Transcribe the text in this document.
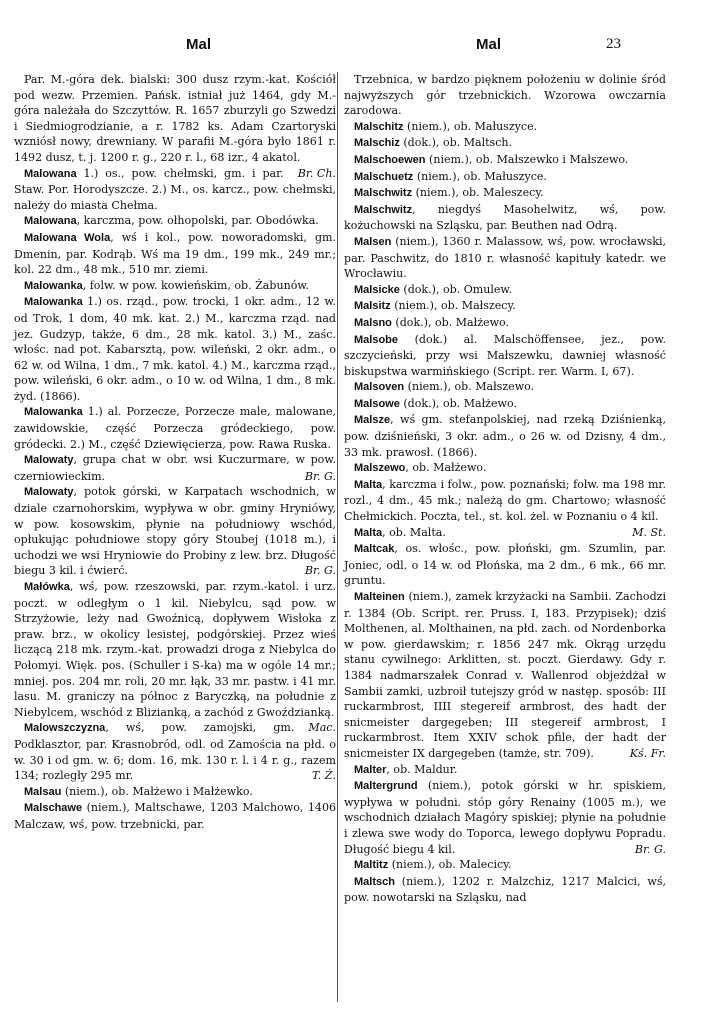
Mal	Mal	23

Par. M.-góra dek. bialski: 300 dusz rzym.-kat. Kościół pod wezw. Przemien. Pańsk. istniał już 1464, gdy M.-góra należała do Szczyttów. R. 1657 zburzyli go Szwedzi i Siedmiogrodzianie, a r. 1782 ks. Adam Czartoryski wzniósł nowy, drewniany. W parafii M.-góra było 1861 r. 1492 dusz, t. j. 1200 r. g., 220 r. l., 68 izr., 4 akatol.
Br. Ch.

Malowana 1.) os., pow. chełmski, gm. i par. Staw. Por. Horodyszcze. 2.) M., os. karcz., pow. chełmski, należy do miasta Chełma.

Malowana, karczma, pow. ołhopolski, par. Obodówka.

Malowana Wola, wś i kol., pow. noworadomski, gm. Dmenin, par. Kodrąb. Wś ma 19 dm., 199 mk., 249 mr.; kol. 22 dm., 48 mk., 510 mr. ziemi.

Malowanka, folw. w pow. kowieńskim, ob. Żabunów.

Malowanka 1.) os. rząd., pow. trocki, 1 okr. adm., 12 w. od Trok, 1 dom, 40 mk. kat. 2.) M., karczma rząd. nad jez. Gudzyp, także, 6 dm., 28 mk. katol. 3.) M., zaśc. włośc. nad pot. Kabarsztą, pow. wileński, 2 okr. adm., o 62 w. od Wilna, 1 dm., 7 mk. katol. 4.) M., karczma rząd., pow. wileński, 6 okr. adm., o 10 w. od Wilna, 1 dm., 8 mk. żyd. (1866).

Malowanka 1.) al. Porzecze, Porzecze male, malowane, zawidowskie, część Porzecza gródeckiego, pow. gródecki. 2.) M., część Dziewięcierza, pow. Rawa Ruska.

Malowaty, grupa chat w obr. wsi Kuczurmare, w pow. czerniowieckim.	Br. G.

Malowaty, potok górski, w Karpatach wschodnich, w dziale czarnohorskim, wypływa w obr. gminy Hryniówy, w pow. kosowskim, płynie na południowy wschód, opłukując południowe stopy góry Stoubej (1018 m.), i uchodzi we wsi Hryniowie do Probiny z lew. brz. Długość biegu 3 kil. i ćwierć.	Br. G.

Małówka, wś, pow. rzeszowski, par. rzym.-katol. i urz. poczt. w odległym o 1 kil. Niebylcu, sąd pow. w Strzyżowie, leży nad Gwoźnicą, dopływem Wisłoka z praw. brz., w okolicy lesistej, podgórskiej. Przez wieś liczącą 218 mk. rzym.-kat. prowadzi droga z Niebylca do Połomyi. Więk. pos. (Schuller i S-ka) ma w ogóle 14 mr.; mniej. pos. 204 mr. roli, 20 mr. łąk, 33 mr. pastw. i 41 mr. lasu. M. graniczy na północ z Baryczką, na południe z Niebylcem, wschód z Blizianką, a zachód z Gwoździanką.
Mac.

Malowszczyzna, wś, pow. zamojski, gm. Podklasztor, par. Krasnobród, odl. od Zamościa na płd. o w. 30 i od gm. w. 6; dom. 16, mk. 130 r. l. i 4 r. g., razem 134; rozległy 295 mr.	T. Ż.

Malsau (niem.), ob. Małżewo i Małżewko.

Malschawe (niem.), Maltschawe, 1203 Malchowo, 1406 Malczaw, wś, pow. trzebnicki, par.

Trzebnica, w bardzo pięknem położeniu w dolinie śród najwyższych gór trzebnickich. Wzorowa owczarnia zarodowa.

Malschitz (niem.), ob. Małuszyce.

Malschiz (dok.), ob. Maltsch.

Malschoewen (niem.), ob. Małszewko i Małszewo.

Malschuetz (niem.), ob. Małuszyce.

Malschwitz (niem.), ob. Maleszecy.

Malschwitz, niegdyś Masohelwitz, wś, pow. kożuchowski na Szląsku, par. Beuthen nad Odrą.

Malsen (niem.), 1360 r. Malassow, wś, pow. wrocławski, par. Paschwitz, do 1810 r. własność kapituły katedr. we Wrocławiu.

Malsicke (dok.), ob. Omulew.

Malsitz (niem.), ob. Małszecy.

Malsno (dok.), ob. Małżewo.

Malsobe (dok.) al. Malschöffensee, jez., pow. szczycieński, przy wsi Małszewku, dawniej własność biskupstwa warmińskiego (Script. rer. Warm. I, 67).

Malsoven (niem.), ob. Małszewo.

Malsowe (dok.), ob. Małżewo.

Malsze, wś gm. stefanpolskiej, nad rzeką Dziśnienką, pow. dziśnieński, 3 okr. adm., o 26 w. od Dzisny, 4 dm., 33 mk. prawosł. (1866).

Malszewo, ob. Małżewo.

Malta, karczma i folw., pow. poznański; folw. ma 198 mr. rozl., 4 dm., 45 mk.; należą do gm. Chartowo; własność Chełmickich. Poczta, tel., st. kol. żel. w Poznaniu o 4 kil.
M. St.

Malta, ob. Malta.

Maltcak, os. włośc., pow. płoński, gm. Szumlin, par. Joniec, odl. o 14 w. od Płońska, ma 2 dm., 6 mk., 66 mr. gruntu.

Malteinen (niem.), zamek krzyżacki na Sambii. Zachodzi r. 1384 (Ob. Script. rer. Pruss. I, 183. Przypisek); dziś Molthenen, al. Molthainen, na płd. zach. od Nordenborka w pow. gierdawskim; r. 1856 247 mk. Okrąg urzędu stanu cywilnego: Arklitten, st. poczt. Gierdawy. Gdy r. 1384 nadmarszałek Conrad v. Wallenrod objeżdżał w Sambii zamki, uzbroił tutejszy gród w następ. sposób: III ruckarmbrost, IIII stegereif armbrost, des hadt der snicmeister dargegeben; III stegereif armbrost, I ruckarmbrost. Item XXIV schok pfile, der hadt der snicmeister IX dargegeben (tamże, str. 709).	Kś. Fr.

Malter, ob. Maldur.

Maltergrund (niem.), potok górski w hr. spiskiem, wypływa w południ. stóp góry Renainy (1005 m.), we wschodnich działach Magóry spiskiej; płynie na południe i zlewa swe wody do Toporca, lewego dopływu Popradu. Długość biegu 4 kil.	Br. G.

Maltitz (niem.), ob. Malecicy.

Maltsch (niem.), 1202 r. Malzchiz, 1217 Malcici, wś, pow. nowotarski na Szląsku, nad
